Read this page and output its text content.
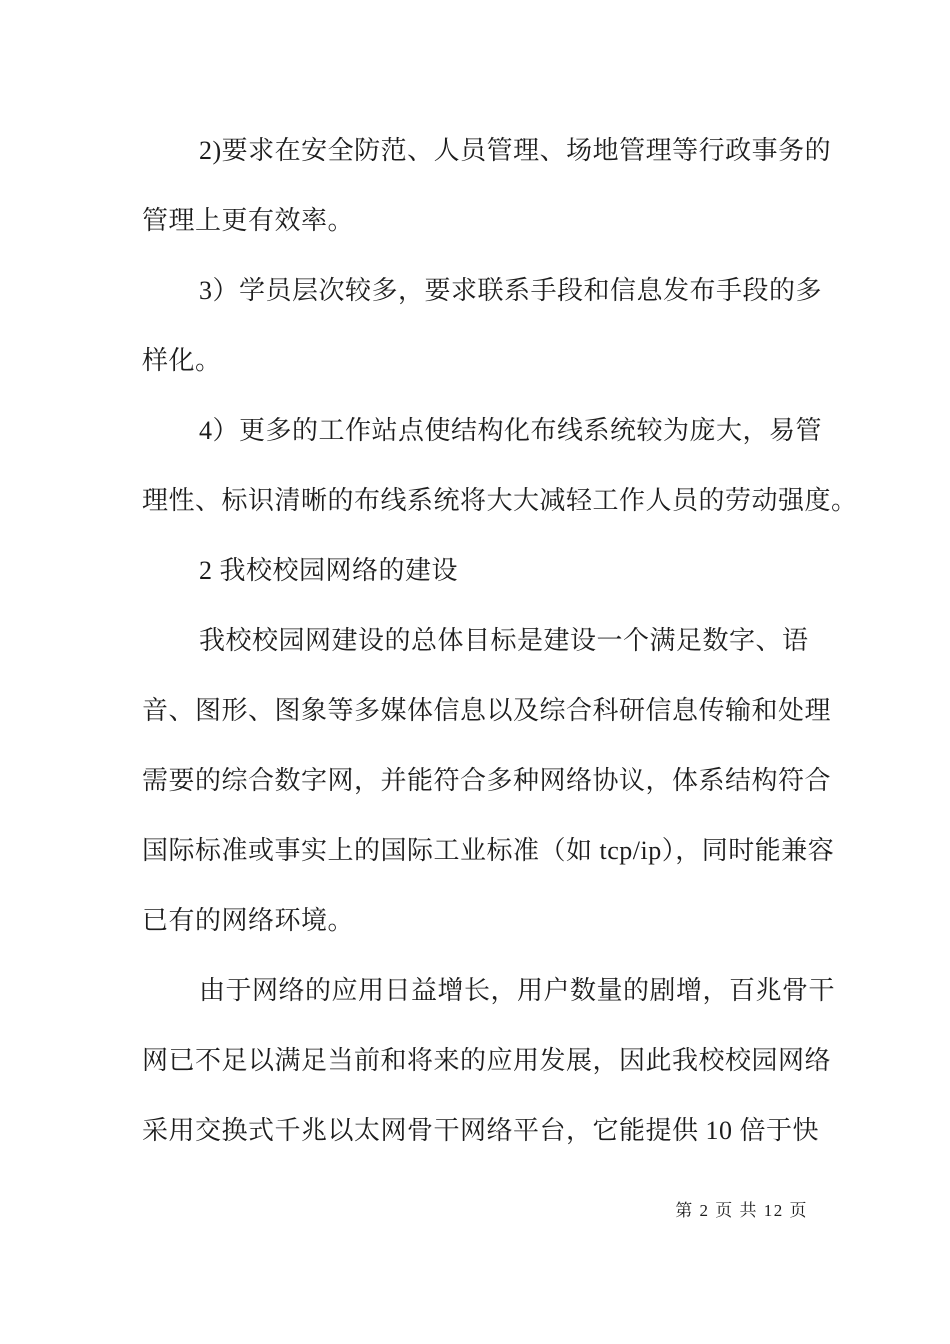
2)要求在安全防范、人员管理、场地管理等行政事务的
管理上更有效率。
3）学员层次较多，要求联系手段和信息发布手段的多
样化。
4）更多的工作站点使结构化布线系统较为庞大，易管
理性、标识清晰的布线系统将大大减轻工作人员的劳动强度。
2 我校校园网络的建设
我校校园网建设的总体目标是建设一个满足数字、语
音、图形、图象等多媒体信息以及综合科研信息传输和处理
需要的综合数字网，并能符合多种网络协议，体系结构符合
国际标准或事实上的国际工业标准（如 tcp/ip），同时能兼容
已有的网络环境。
由于网络的应用日益增长，用户数量的剧增，百兆骨干
网已不足以满足当前和将来的应用发展，因此我校校园网络
采用交换式千兆以太网骨干网络平台，它能提供 10 倍于快
第 2 页 共 12 页
